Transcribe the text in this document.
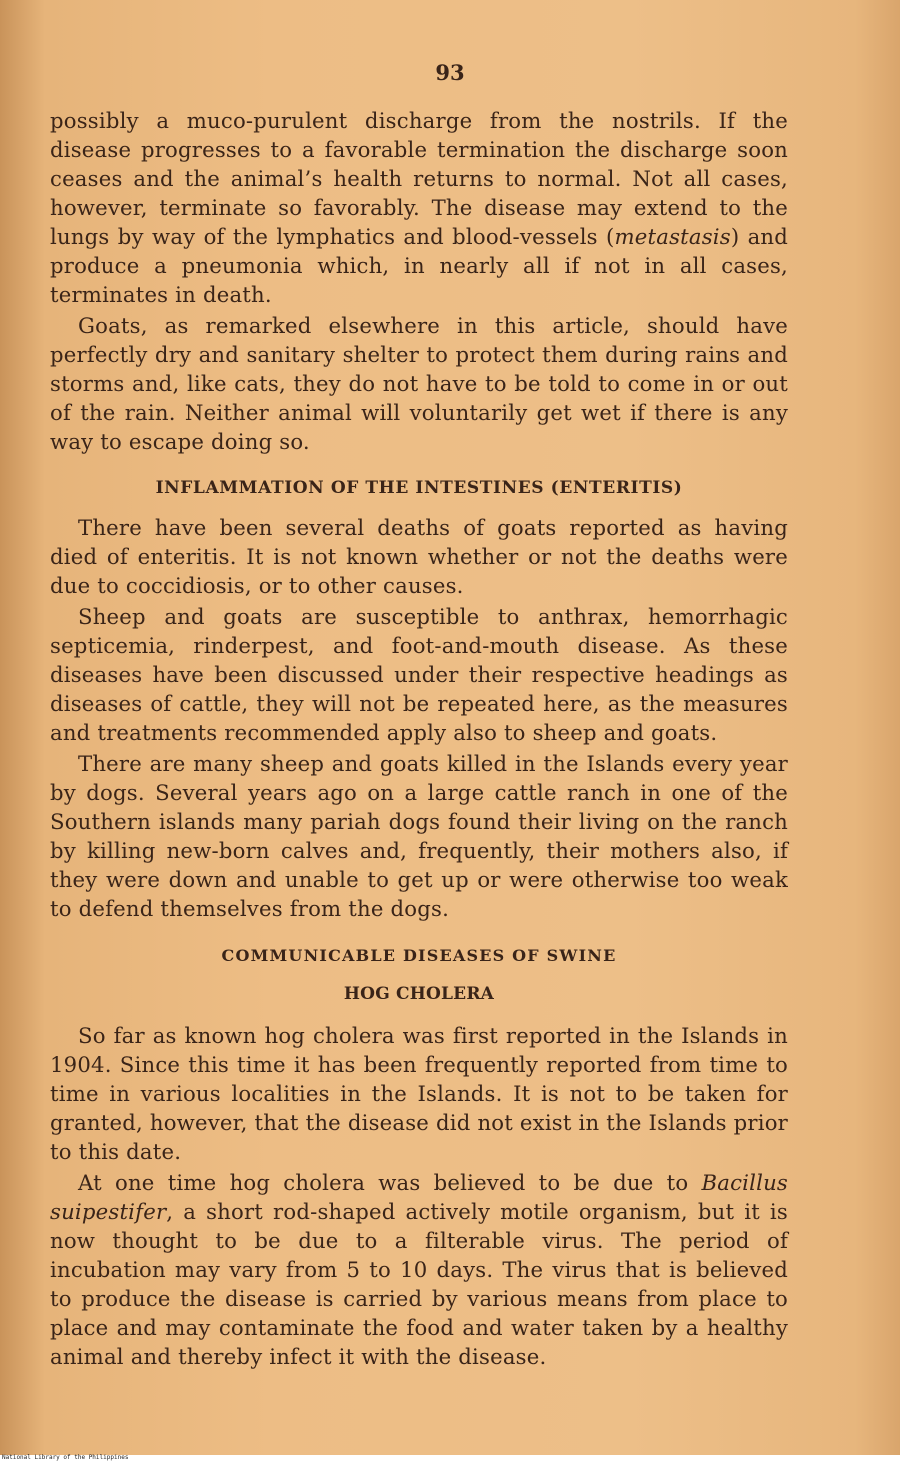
93

possibly a muco-purulent discharge from the nostrils. If the disease progresses to a favorable termination the discharge soon ceases and the animal’s health returns to normal. Not all cases, however, terminate so favorably. The disease may extend to the lungs by way of the lymphatics and blood-vessels (metastasis) and produce a pneumonia which, in nearly all if not in all cases, terminates in death.

Goats, as remarked elsewhere in this article, should have perfectly dry and sanitary shelter to protect them during rains and storms and, like cats, they do not have to be told to come in or out of the rain. Neither animal will voluntarily get wet if there is any way to escape doing so.

INFLAMMATION OF THE INTESTINES (ENTERITIS)

There have been several deaths of goats reported as having died of enteritis. It is not known whether or not the deaths were due to coccidiosis, or to other causes.

Sheep and goats are susceptible to anthrax, hemorrhagic septicemia, rinderpest, and foot-and-mouth disease. As these diseases have been discussed under their respective headings as diseases of cattle, they will not be repeated here, as the measures and treatments recommended apply also to sheep and goats.

There are many sheep and goats killed in the Islands every year by dogs. Several years ago on a large cattle ranch in one of the Southern islands many pariah dogs found their living on the ranch by killing new-born calves and, frequently, their mothers also, if they were down and unable to get up or were otherwise too weak to defend themselves from the dogs.

COMMUNICABLE DISEASES OF SWINE
HOG CHOLERA

So far as known hog cholera was first reported in the Islands in 1904. Since this time it has been frequently reported from time to time in various localities in the Islands. It is not to be taken for granted, however, that the disease did not exist in the Islands prior to this date.

At one time hog cholera was believed to be due to Bacillus suipestifer, a short rod-shaped actively motile organism, but it is now thought to be due to a filterable virus. The period of incubation may vary from 5 to 10 days. The virus that is believed to produce the disease is carried by various means from place to place and may contaminate the food and water taken by a healthy animal and thereby infect it with the disease.

National Library of the Philippines
